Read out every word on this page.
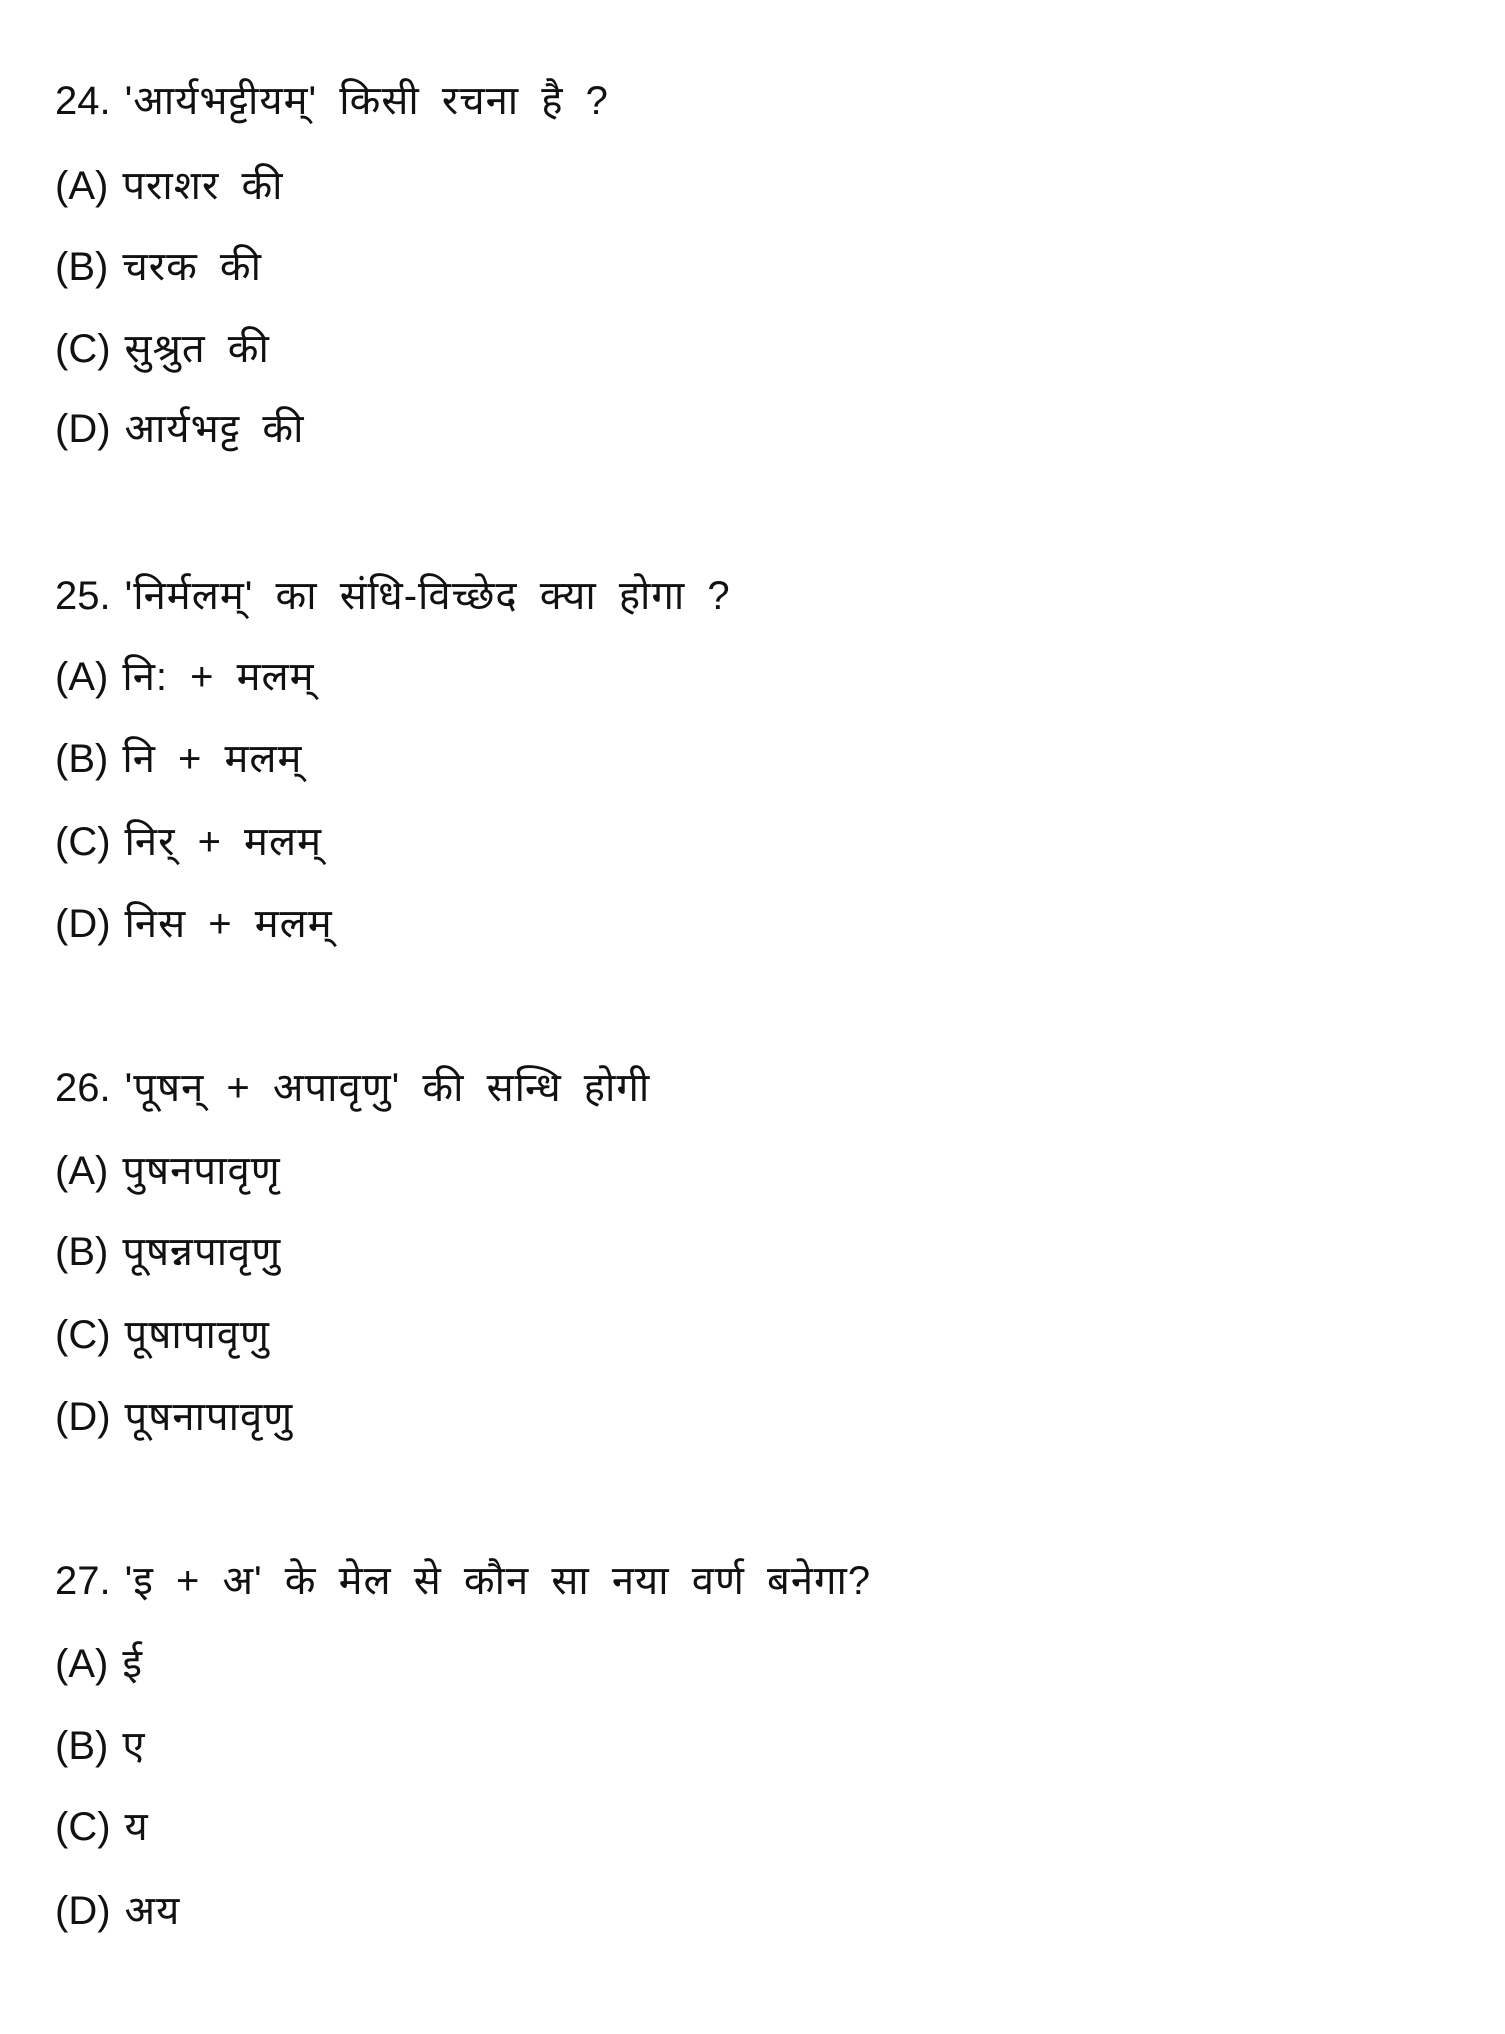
24. 'आर्यभट्टीयम्' किसी रचना है ?
(A) पराशर की
(B) चरक की
(C) सुश्रुत की
(D) आर्यभट्ट की
25. 'निर्मलम्' का संधि-विच्छेद क्या होगा ?
(A) नि: + मलम्
(B) नि + मलम्
(C) निर् + मलम्
(D) निस + मलम्
26. 'पूषन् + अपावृणु' की सन्धि होगी
(A) पुषनपावृणृ
(B) पूषन्नपावृणु
(C) पूषापावृणु
(D) पूषनापावृणु
27. 'इ + अ' के मेल से कौन सा नया वर्ण बनेगा?
(A) ई
(B) ए
(C) य
(D) अय
